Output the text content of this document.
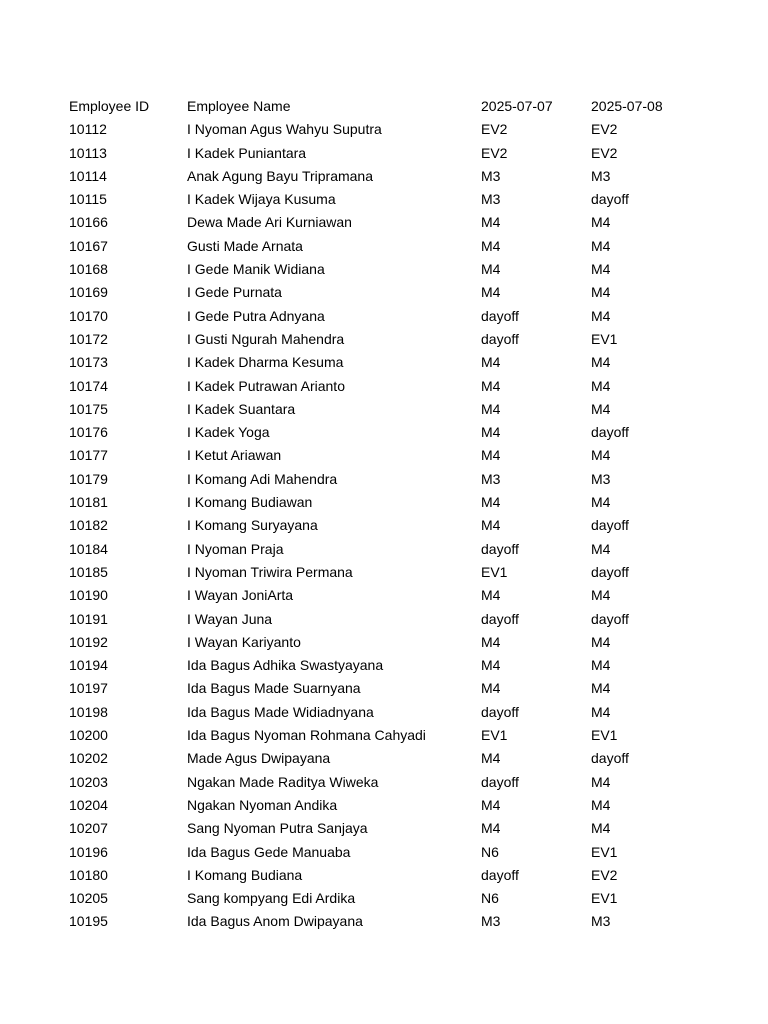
Employee ID	Employee Name	2025-07-07	2025-07-08
10112	I Nyoman Agus Wahyu Suputra	EV2	EV2
10113	I Kadek Puniantara	EV2	EV2
10114	Anak Agung Bayu Tripramana	M3	M3
10115	I Kadek Wijaya Kusuma	M3	dayoff
10166	Dewa Made Ari Kurniawan	M4	M4
10167	Gusti Made Arnata	M4	M4
10168	I Gede Manik Widiana	M4	M4
10169	I Gede Purnata	M4	M4
10170	I Gede Putra Adnyana	dayoff	M4
10172	I Gusti Ngurah Mahendra	dayoff	EV1
10173	I Kadek Dharma Kesuma	M4	M4
10174	I Kadek Putrawan Arianto	M4	M4
10175	I Kadek Suantara	M4	M4
10176	I Kadek Yoga	M4	dayoff
10177	I Ketut Ariawan	M4	M4
10179	I Komang Adi Mahendra	M3	M3
10181	I Komang Budiawan	M4	M4
10182	I Komang Suryayana	M4	dayoff
10184	I Nyoman Praja	dayoff	M4
10185	I Nyoman Triwira Permana	EV1	dayoff
10190	I Wayan JoniArta	M4	M4
10191	I Wayan Juna	dayoff	dayoff
10192	I Wayan Kariyanto	M4	M4
10194	Ida Bagus Adhika Swastyayana	M4	M4
10197	Ida Bagus Made Suarnyana	M4	M4
10198	Ida Bagus Made Widiadnyana	dayoff	M4
10200	Ida Bagus Nyoman Rohmana Cahyadi	EV1	EV1
10202	Made Agus Dwipayana	M4	dayoff
10203	Ngakan Made Raditya Wiweka	dayoff	M4
10204	Ngakan Nyoman Andika	M4	M4
10207	Sang Nyoman Putra Sanjaya	M4	M4
10196	Ida Bagus Gede Manuaba	N6	EV1
10180	I Komang Budiana	dayoff	EV2
10205	Sang kompyang Edi Ardika	N6	EV1
10195	Ida Bagus Anom Dwipayana	M3	M3
